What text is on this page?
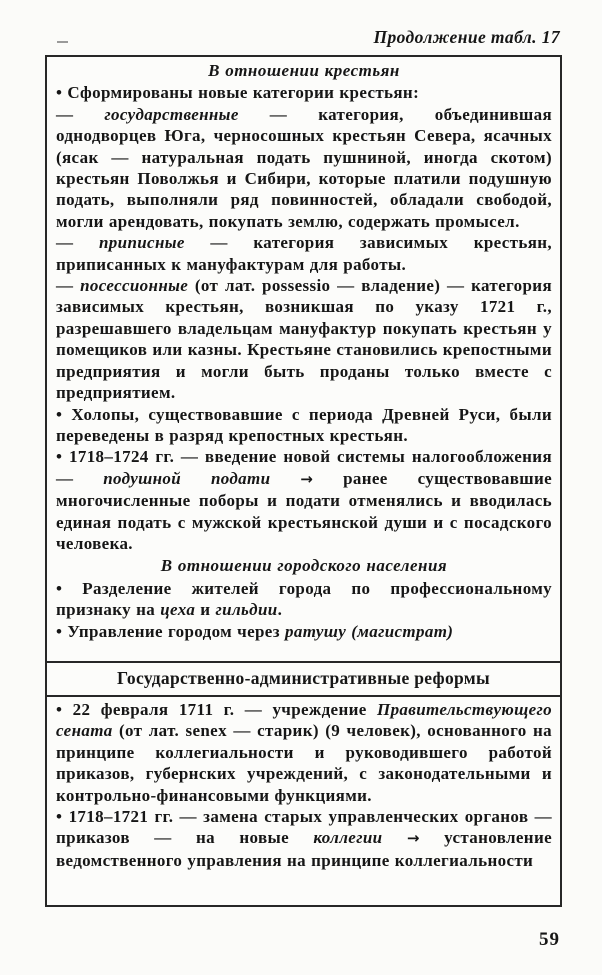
Продолжение табл. 17

В отношении крестьян

• Сформированы новые категории крестьян:

— государственные — категория, объединившая однодворцев Юга, черносошных крестьян Севера, ясачных (ясак — натуральная подать пушниной, иногда скотом) крестьян Поволжья и Сибири, которые платили подушную подать, выполняли ряд повинностей, обладали свободой, могли арендовать, покупать землю, содержать промысел.

— приписные — категория зависимых крестьян, приписанных к мануфактурам для работы.

— посессионные (от лат. possessio — владение) — категория зависимых крестьян, возникшая по указу 1721 г., разрешавшего владельцам мануфактур покупать крестьян у помещиков или казны. Крестьяне становились крепостными предприятия и могли быть проданы только вместе с предприятием.

• Холопы, существовавшие с периода Древней Руси, были переведены в разряд крепостных крестьян.

• 1718–1724 гг. — введение новой системы налогообложения — подушной подати → ранее существовавшие многочисленные поборы и подати отменялись и вводилась единая подать с мужской крестьянской души и с посадского человека.

В отношении городского населения

• Разделение жителей города по профессиональному признаку на цеха и гильдии.

• Управление городом через ратушу (магистрат)

Государственно-административные реформы

• 22 февраля 1711 г. — учреждение Правительствующего сената (от лат. senex — старик) (9 человек), основанного на принципе коллегиальности и руководившего работой приказов, губернских учреждений, с законодательными и контрольно-финансовыми функциями.

• 1718–1721 гг. — замена старых управленческих органов — приказов — на новые коллегии → установление ведомственного управления на принципе коллегиальности

59
